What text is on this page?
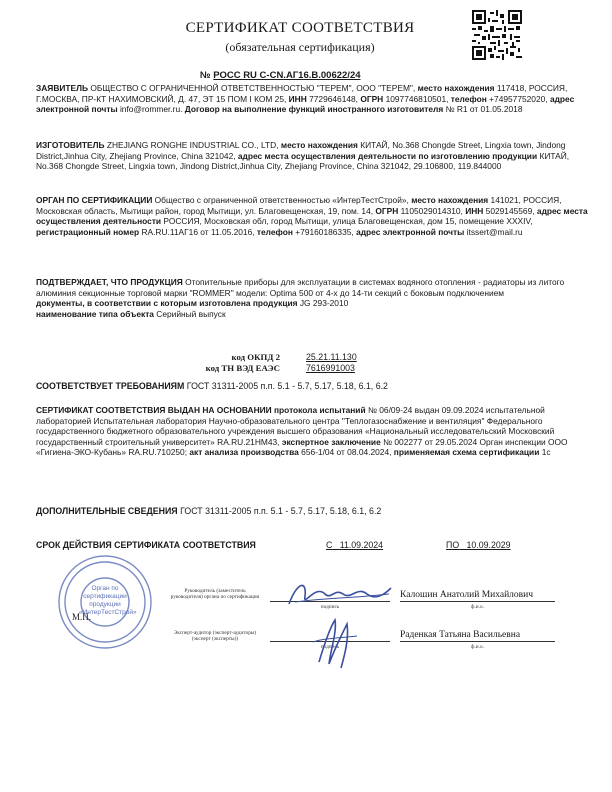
СЕРТИФИКАТ СООТВЕТСТВИЯ
(обязательная сертификация)
№ РОСС RU C-CN.АГ16.В.00622/24
ЗАЯВИТЕЛЬ ОБЩЕСТВО С ОГРАНИЧЕННОЙ ОТВЕТСТВЕННОСТЬЮ "ТЕРЕМ", ООО "ТЕРЕМ", место нахождения 117418, РОССИЯ, Г.МОСКВА, ПР-КТ НАХИМОВСКИЙ, Д. 47, ЭТ 15 ПОМ I КОМ 25, ИНН 7729646148, ОГРН 1097746810501, телефон +74957752020, адрес электронной почты info@rommer.ru. Договор на выполнение функций иностранного изготовителя № R1 от 01.05.2018
ИЗГОТОВИТЕЛЬ ZHEJIANG RONGHE INDUSTRIAL CO., LTD, место нахождения КИТАЙ, No.368 Chongde Street, Lingxia town, Jindong District,Jinhua City, Zhejiang Province, China 321042, адрес места осуществления деятельности по изготовлению продукции КИТАЙ, No.368 Chongde Street, Lingxia town, Jindong District,Jinhua City, Zhejiang Province, China 321042, 29.106800, 119.844000
ОРГАН ПО СЕРТИФИКАЦИИ Общество с ограниченной ответственностью «ИнтерТестСтрой», место нахождения 141021, РОССИЯ, Московская область, Мытищи район, город Мытищи, ул. Благовещенская, 19, пом. 14, ОГРН 1105029014310, ИНН 5029145569, адрес места осуществления деятельности РОССИЯ, Московская обл, город Мытищи, улица Благовещенская, дом 15, помещение XXXIV, регистрационный номер RA.RU.11АГ16 от 11.05.2016, телефон +79160186335, адрес электронной почты itssert@mail.ru
ПОДТВЕРЖДАЕТ, ЧТО ПРОДУКЦИЯ Отопительные приборы для эксплуатации в системах водяного отопления - радиаторы из литого алюминия секционные торговой марки "ROMMER" модели: Optima 500 от 4-х до 14-ти секций с боковым подключением
документы, в соответствии с которым изготовлена продукция JG 293-2010
наименование типа объекта Серийный выпуск
код ОКПД 2	25.21.11.130
код ТН ВЭД ЕАЭС	7616991003
СООТВЕТСТВУЕТ ТРЕБОВАНИЯМ ГОСТ 31311-2005 п.п. 5.1 - 5.7, 5.17, 5.18, 6.1, 6.2
СЕРТИФИКАТ СООТВЕТСТВИЯ ВЫДАН НА ОСНОВАНИИ протокола испытаний № 06/09-24 выдан 09.09.2024 испытательной лабораторией Испытательная лаборатория Научно-образовательного центра "Теплогазоснабжение и вентиляция" Федерального государственного бюджетного образовательного учреждения высшего образования «Национальный исследовательский Московский государственный строительный университет» RA.RU.21НМ43, экспертное заключение № 002277 от 29.05.2024 Орган инспекции ООО «Гигиена-ЭКО-Кубань» RA.RU.710250; акт анализа производства 656-1/04 от 08.04.2024, применяемая схема сертификации 1с
ДОПОЛНИТЕЛЬНЫЕ СВЕДЕНИЯ ГОСТ 31311-2005 п.п. 5.1 - 5.7, 5.17, 5.18, 6.1, 6.2
СРОК ДЕЙСТВИЯ СЕРТИФИКАТА СООТВЕТСТВИЯ	С 11.09.2024	ПО 10.09.2029
Орган по сертификации продукции «ИнтерТестСтрой»
М.П.
Руководитель (заместитель руководителя) органа по сертификации
подпись
Калошин Анатолий Михайлович
ф.и.о.
Эксперт-аудитор (эксперт-аудиторы) (эксперт (эксперты))
подпись
Раденкая Татьяна Васильевна
ф.и.о.
